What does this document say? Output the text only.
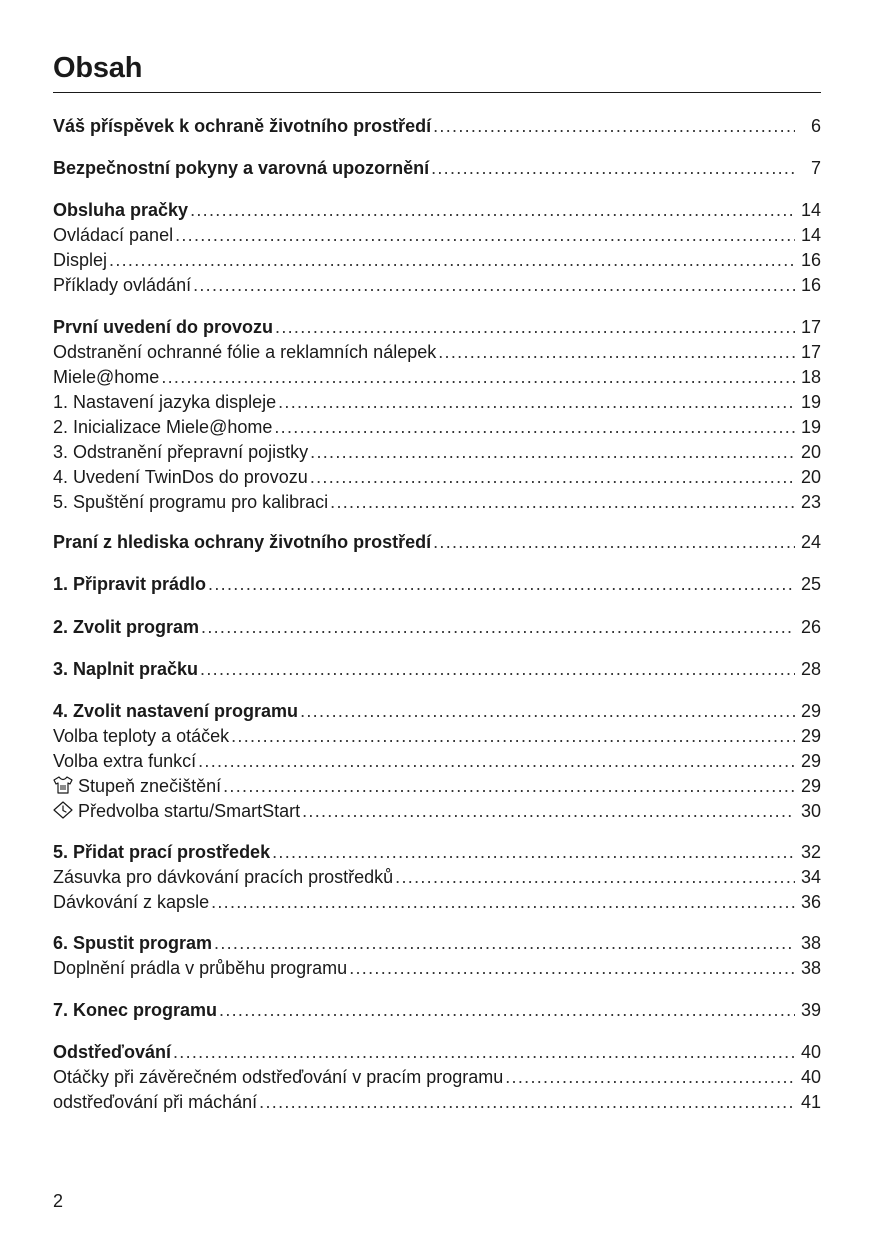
Obsah
Váš příspěvek k ochraně životního prostředí .....	6
Bezpečnostní pokyny a varovná upozornění .....	7
Obsluha pračky .....	14
Ovládací panel .....	14
Displej .....	16
Příklady ovládání .....	16
První uvedení do provozu .....	17
Odstranění ochranné fólie a reklamních nálepek .....	17
Miele@home .....	18
1. Nastavení jazyka displeje .....	19
2. Inicializace Miele@home .....	19
3. Odstranění přepravní pojistky .....	20
4. Uvedení TwinDos do provozu .....	20
5. Spuštění programu pro kalibraci .....	23
Praní z hlediska ochrany životního prostředí .....	24
1. Připravit prádlo .....	25
2. Zvolit program .....	26
3. Naplnit pračku .....	28
4. Zvolit nastavení programu .....	29
Volba teploty a otáček .....	29
Volba extra funkcí .....	29
Stupeň znečištění .....	29
Předvolba startu/SmartStart .....	30
5. Přidat prací prostředek .....	32
Zásuvka pro dávkování pracích prostředků .....	34
Dávkování z kapsle .....	36
6. Spustit program .....	38
Doplnění prádla v průběhu programu .....	38
7. Konec programu .....	39
Odstřeďování .....	40
Otáčky při závěrečném odstřeďování v pracím programu .....	40
odstřeďování při máchání .....	41
2
